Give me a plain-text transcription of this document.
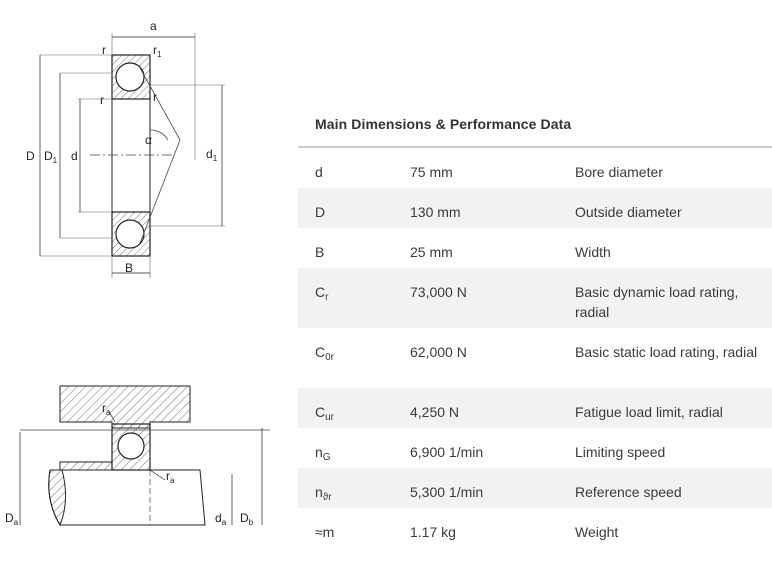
a
r	$r_1$
r	r
α
D $D_1$ d	$d_1$
B
$r_a$
$r_a$
$D_a$	$d_a$ $D_b$
Main Dimensions & Performance Data
d	75 mm	Bore diameter
D	130 mm	Outside diameter
B	25 mm	Width
$C_r$	73,000 N	Basic dynamic load rating, radial
$C_{0r}$	62,000 N	Basic static load rating, radial
$C_{ur}$	4,250 N	Fatigue load limit, radial
$n_G$	6,900 1/min	Limiting speed
$n_{ϑr}$	5,300 1/min	Reference speed
≈m	1.17 kg	Weight
